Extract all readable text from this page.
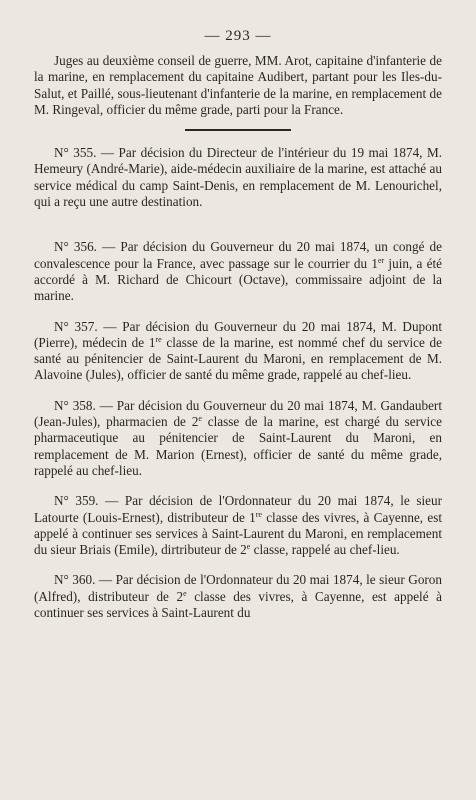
— 293 —

Juges au deuxième conseil de guerre, MM. Arot, capitaine d'infanterie de la marine, en remplacement du capitaine Audibert, partant pour les Iles-du-Salut, et Paillé, sous-lieutenant d'infanterie de la marine, en remplacement de M. Ringeval, officier du même grade, parti pour la France.

N° 355. — Par décision du Directeur de l'intérieur du 19 mai 1874, M. Hemeury (André-Marie), aide-médecin auxiliaire de la marine, est attaché au service médical du camp Saint-Denis, en remplacement de M. Lenourichel, qui a reçu une autre destination.

N° 356. — Par décision du Gouverneur du 20 mai 1874, un congé de convalescence pour la France, avec passage sur le courrier du 1er juin, a été accordé à M. Richard de Chicourt (Octave), commissaire adjoint de la marine.

N° 357. — Par décision du Gouverneur du 20 mai 1874, M. Dupont (Pierre), médecin de 1re classe de la marine, est nommé chef du service de santé au pénitencier de Saint-Laurent du Maroni, en remplacement de M. Alavoine (Jules), officier de santé du même grade, rappelé au chef-lieu.

N° 358. — Par décision du Gouverneur du 20 mai 1874, M. Gandaubert (Jean-Jules), pharmacien de 2e classe de la marine, est chargé du service pharmaceutique au pénitencier de Saint-Laurent du Maroni, en remplacement de M. Marion (Ernest), officier de santé du même grade, rappelé au chef-lieu.

N° 359. — Par décision de l'Ordonnateur du 20 mai 1874, le sieur Latourte (Louis-Ernest), distributeur de 1re classe des vivres, à Cayenne, est appelé à continuer ses services à Saint-Laurent du Maroni, en remplacement du sieur Briais (Emile), dirtributeur de 2e classe, rappelé au chef-lieu.

N° 360. — Par décision de l'Ordonnateur du 20 mai 1874, le sieur Goron (Alfred), distributeur de 2e classe des vivres, à Cayenne, est appelé à continuer ses services à Saint-Laurent du
